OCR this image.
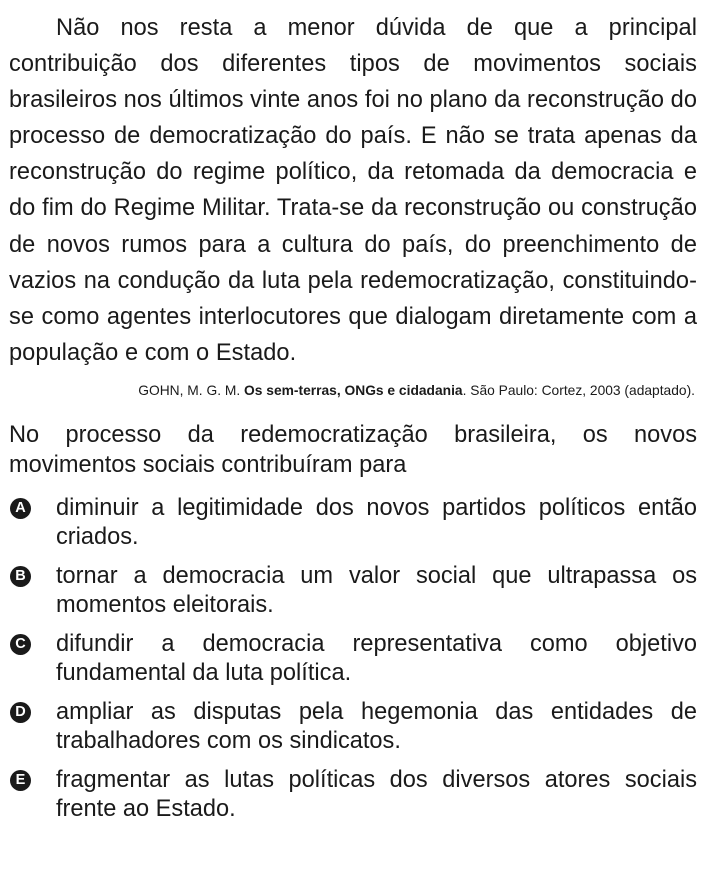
Não nos resta a menor dúvida de que a principal contribuição dos diferentes tipos de movimentos sociais brasileiros nos últimos vinte anos foi no plano da reconstrução do processo de democratização do país. E não se trata apenas da reconstrução do regime político, da retomada da democracia e do fim do Regime Militar. Trata-se da reconstrução ou construção de novos rumos para a cultura do país, do preenchimento de vazios na condução da luta pela redemocratização, constituindo-se como agentes interlocutores que dialogam diretamente com a população e com o Estado.

GOHN, M. G. M. Os sem-terras, ONGs e cidadania. São Paulo: Cortez, 2003 (adaptado).

No processo da redemocratização brasileira, os novos movimentos sociais contribuíram para

A diminuir a legitimidade dos novos partidos políticos então criados.
B tornar a democracia um valor social que ultrapassa os momentos eleitorais.
C difundir a democracia representativa como objetivo fundamental da luta política.
D ampliar as disputas pela hegemonia das entidades de trabalhadores com os sindicatos.
E fragmentar as lutas políticas dos diversos atores sociais frente ao Estado.
